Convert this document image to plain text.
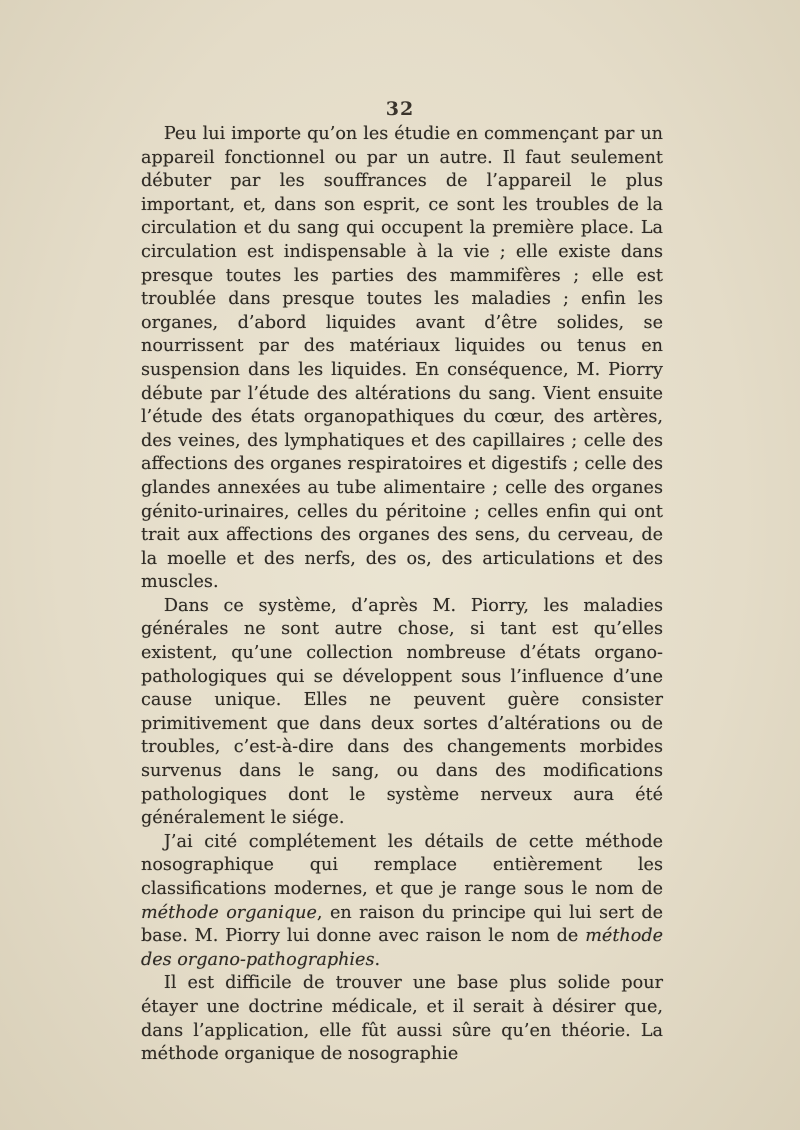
32

Peu lui importe qu’on les étudie en commençant par un appareil fonctionnel ou par un autre. Il faut seulement débuter par les souffrances de l’appareil le plus important, et, dans son esprit, ce sont les troubles de la circulation et du sang qui occupent la première place. La circulation est indispensable à la vie ; elle existe dans presque toutes les parties des mammifères ; elle est troublée dans presque toutes les maladies ; enfin les organes, d’abord liquides avant d’être solides, se nourrissent par des matériaux liquides ou tenus en suspension dans les liquides. En conséquence, M. Piorry débute par l’étude des altérations du sang. Vient ensuite l’étude des états organopathiques du cœur, des artères, des veines, des lymphatiques et des capillaires ; celle des affections des organes respiratoires et digestifs ; celle des glandes annexées au tube alimentaire ; celle des organes génito-urinaires, celles du péritoine ; celles enfin qui ont trait aux affections des organes des sens, du cerveau, de la moelle et des nerfs, des os, des articulations et des muscles.

Dans ce système, d’après M. Piorry, les maladies générales ne sont autre chose, si tant est qu’elles existent, qu’une collection nombreuse d’états organo-pathologiques qui se développent sous l’influence d’une cause unique. Elles ne peuvent guère consister primitivement que dans deux sortes d’altérations ou de troubles, c’est-à-dire dans des changements morbides survenus dans le sang, ou dans des modifications pathologiques dont le système nerveux aura été généralement le siége.

J’ai cité complétement les détails de cette méthode nosographique qui remplace entièrement les classifications modernes, et que je range sous le nom de méthode organique, en raison du principe qui lui sert de base. M. Piorry lui donne avec raison le nom de méthode des organo-pathographies.

Il est difficile de trouver une base plus solide pour étayer une doctrine médicale, et il serait à désirer que, dans l’application, elle fût aussi sûre qu’en théorie. La méthode organique de nosographie
